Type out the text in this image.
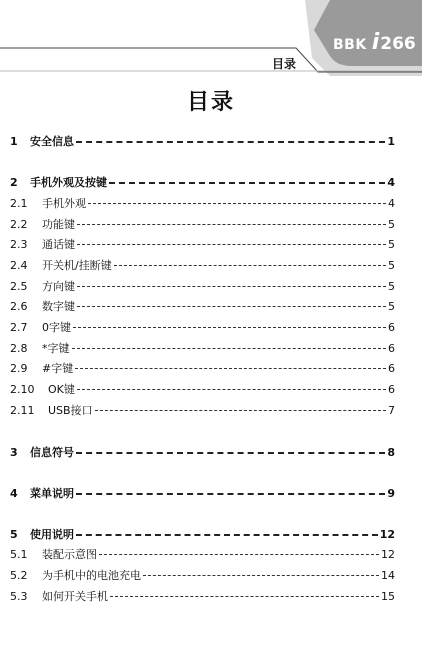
BBK i 266
目录
目录
1	安全信息	1
2	手机外观及按键	4
2.1	手机外观	4
2.2	功能键	5
2.3	通话键	5
2.4	开关机/挂断键	5
2.5	方向键	5
2.6	数字键	5
2.7	0字键	6
2.8	*字键	6
2.9	#字键	6
2.10	OK键	6
2.11	USB接口	7
3	信息符号	8
4	菜单说明	9
5	使用说明	12
5.1	装配示意图	12
5.2	为手机中的电池充电	14
5.3	如何开关手机	15
